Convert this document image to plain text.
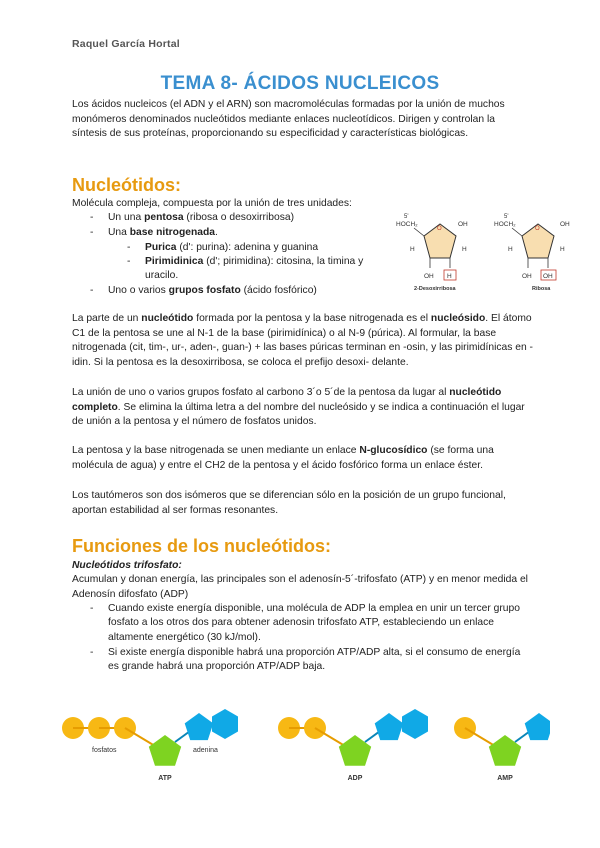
Raquel García Hortal
TEMA 8- ÁCIDOS NUCLEICOS
Los ácidos nucleicos (el ADN y el ARN) son macromoléculas formadas por la unión de muchos monómeros denominados nucleótidos mediante enlaces nucleotídicos. Dirigen y controlan la síntesis de sus proteínas, proporcionando su especificidad y características biológicas.
Nucleótidos:
Molécula compleja, compuesta por la unión de tres unidades:
- Un una pentosa (ribosa o desoxirribosa)
- Una base nitrogenada.
- Purica (d': purina): adenina y guanina
- Pirimidinica (d'; pirimidina): citosina, la timina y uracilo.
- Uno o varios grupos fosfato (ácido fosfórico)
5'
HOCH₂
O
OH
H	H
OH H
2-Desoxirribosa
5'
HOCH₂
O
OH
H	H
OH OH
Ribosa
La parte de un nucleótido formada por la pentosa y la base nitrogenada es el nucleósido. El átomo C1 de la pentosa se une al N-1 de la base (pirimidínica) o al N-9 (púrica). Al formular, la base nitrogenada (cit, tim-, ur-, aden-, guan-) + las bases púricas terminan en -osin, y las pirimidínicas en -idin. Si la pentosa es la desoxirribosa, se coloca el prefijo desoxi- delante.
La unión de uno o varios grupos fosfato al carbono 3´o 5´de la pentosa da lugar al nucleótido completo. Se elimina la última letra a del nombre del nucleósido y se indica a continuación el lugar de unión a la pentosa y el número de fosfatos unidos.
La pentosa y la base nitrogenada se unen mediante un enlace N-glucosídico (se forma una molécula de agua) y entre el CH2 de la pentosa y el ácido fosfórico forma un enlace éster.
Los tautómeros son dos isómeros que se diferencian sólo en la posición de un grupo funcional, aportan estabilidad al ser formas resonantes.
Funciones de los nucleótidos:
Nucleótidos trifosfato:
Acumulan y donan energía, las principales son el adenosín-5´-trifosfato (ATP) y en menor medida el Adenosín difosfato (ADP)
- Cuando existe energía disponible, una molécula de ADP la emplea en unir un tercer grupo fosfato a los otros dos para obtener adenosin trifosfato ATP, estableciendo un enlace altamente energético (30 kJ/mol).
- Si existe energía disponible habrá una proporción ATP/ADP alta, si el consumo de energía es grande habrá una proporción ATP/ADP baja.
ATP
fosfatos	adenina
ADP	AMP
